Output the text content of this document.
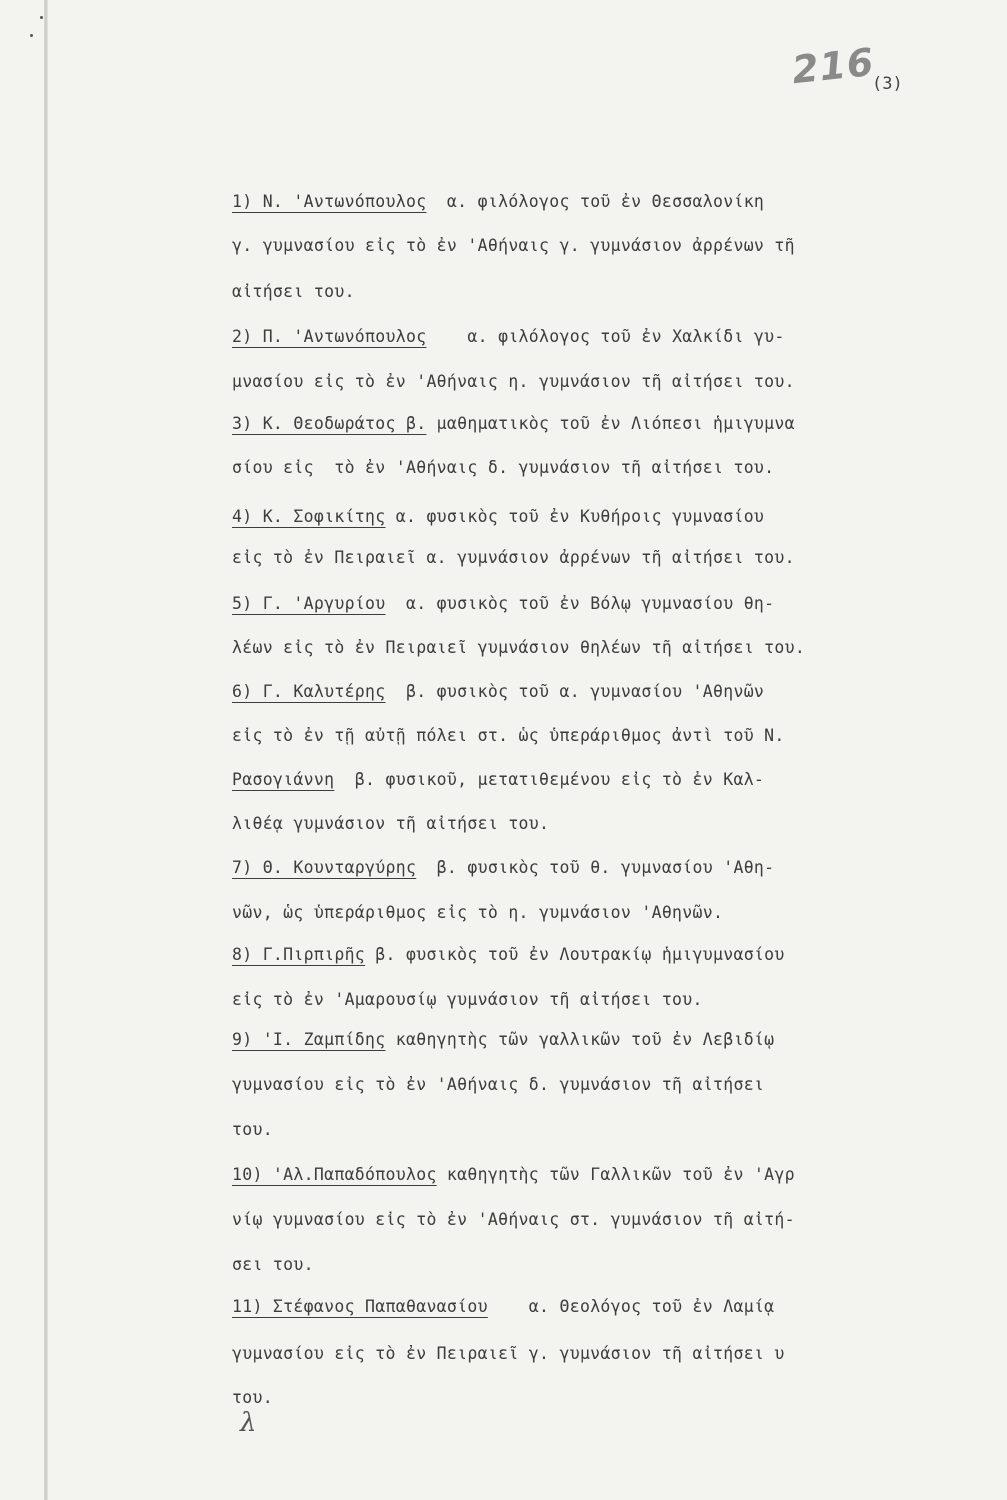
216
(3)
1) Ν. 'Αντωνόπουλος  α. φιλόλογος τοῦ ἐν Θεσσαλονίκη
γ. γυμνασίου εἰς τὸ ἐν 'Αθήναις γ. γυμνάσιον ἀρρένων τῆ
αἰτήσει του.
2) Π. 'Αντωνόπουλος    α. φιλόλογος τοῦ ἐν Χαλκίδι γυ-
μνασίου εἰς τὸ ἐν 'Αθήναις η. γυμνάσιον τῆ αἰτήσει του.
3) Κ. Θεοδωράτος β. μαθηματικὸς τοῦ ἐν Λιόπεσι ἡμιγυμνα
σίου εἰς  τὸ ἐν 'Αθήναις δ. γυμνάσιον τῆ αἰτήσει του.
4) Κ. Σοφικίτης α. φυσικὸς τοῦ ἐν Κυθήροις γυμνασίου
εἰς τὸ ἐν Πειραιεῖ α. γυμνάσιον ἀρρένων τῆ αἰτήσει του.
5) Γ. 'Αργυρίου  α. φυσικὸς τοῦ ἐν Βόλῳ γυμνασίου θη-
λέων εἰς τὸ ἐν Πειραιεῖ γυμνάσιον θηλέων τῆ αἰτήσει του.
6) Γ. Καλυτέρης  β. φυσικὸς τοῦ α. γυμνασίου 'Αθηνῶν
εἰς τὸ ἐν τῇ αὐτῇ πόλει στ. ὡς ὑπεράριθμος ἀντὶ τοῦ Ν.
Ρασογιάννη  β. φυσικοῦ, μετατιθεμένου εἰς τὸ ἐν Καλ-
λιθέᾳ γυμνάσιον τῆ αἰτήσει του.
7) Θ. Κουνταργύρης  β. φυσικὸς τοῦ θ. γυμνασίου 'Αθη-
νῶν, ὡς ὑπεράριθμος εἰς τὸ η. γυμνάσιον 'Αθηνῶν.
8) Γ.Πιρπιρῆς β. φυσικὸς τοῦ ἐν Λουτρακίῳ ἡμιγυμνασίου
εἰς τὸ ἐν 'Αμαρουσίῳ γυμνάσιον τῆ αἰτήσει του.
9) 'Ι. Ζαμπίδης καθηγητὴς τῶν γαλλικῶν τοῦ ἐν Λεβιδίῳ
γυμνασίου εἰς τὸ ἐν 'Αθήναις δ. γυμνάσιον τῆ αἰτήσει
του.
10) 'Αλ.Παπαδόπουλος καθηγητὴς τῶν Γαλλικῶν τοῦ ἐν 'Αγρ
νίῳ γυμνασίου εἰς τὸ ἐν 'Αθήναις στ. γυμνάσιον τῆ αἰτή-
σει του.
11) Στέφανος Παπαθανασίου    α. Θεολόγος τοῦ ἐν Λαμίᾳ
γυμνασίου εἰς τὸ ἐν Πειραιεῖ γ. γυμνάσιον τῆ αἰτήσει υ
του.
λ
